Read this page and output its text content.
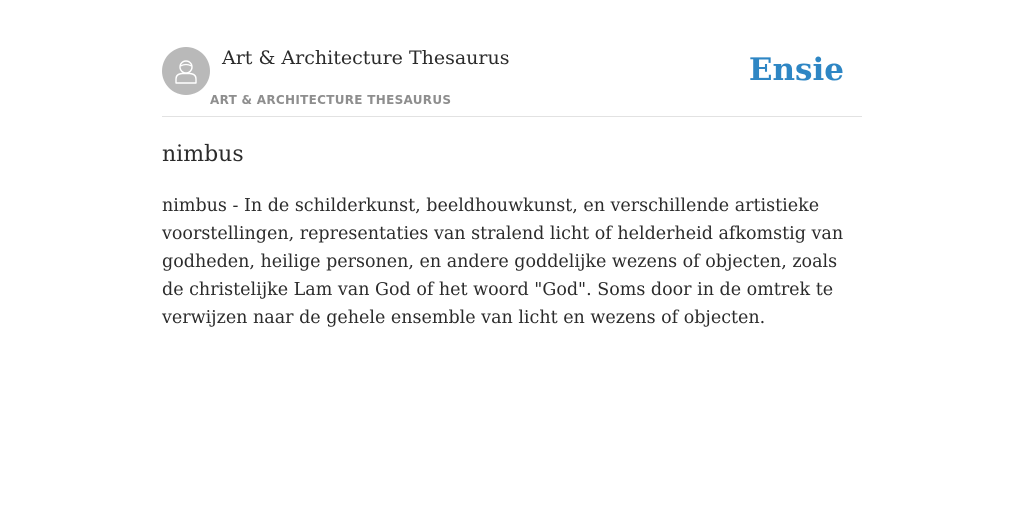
Art & Architecture Thesaurus
ART & ARCHITECTURE THESAURUS
Ensie
nimbus

nimbus - In de schilderkunst, beeldhouwkunst, en verschillende artistieke voorstellingen, representaties van stralend licht of helderheid afkomstig van godheden, heilige personen, en andere goddelijke wezens of objecten, zoals de christelijke Lam van God of het woord "God". Soms door in de omtrek te verwijzen naar de gehele ensemble van licht en wezens of objecten.
